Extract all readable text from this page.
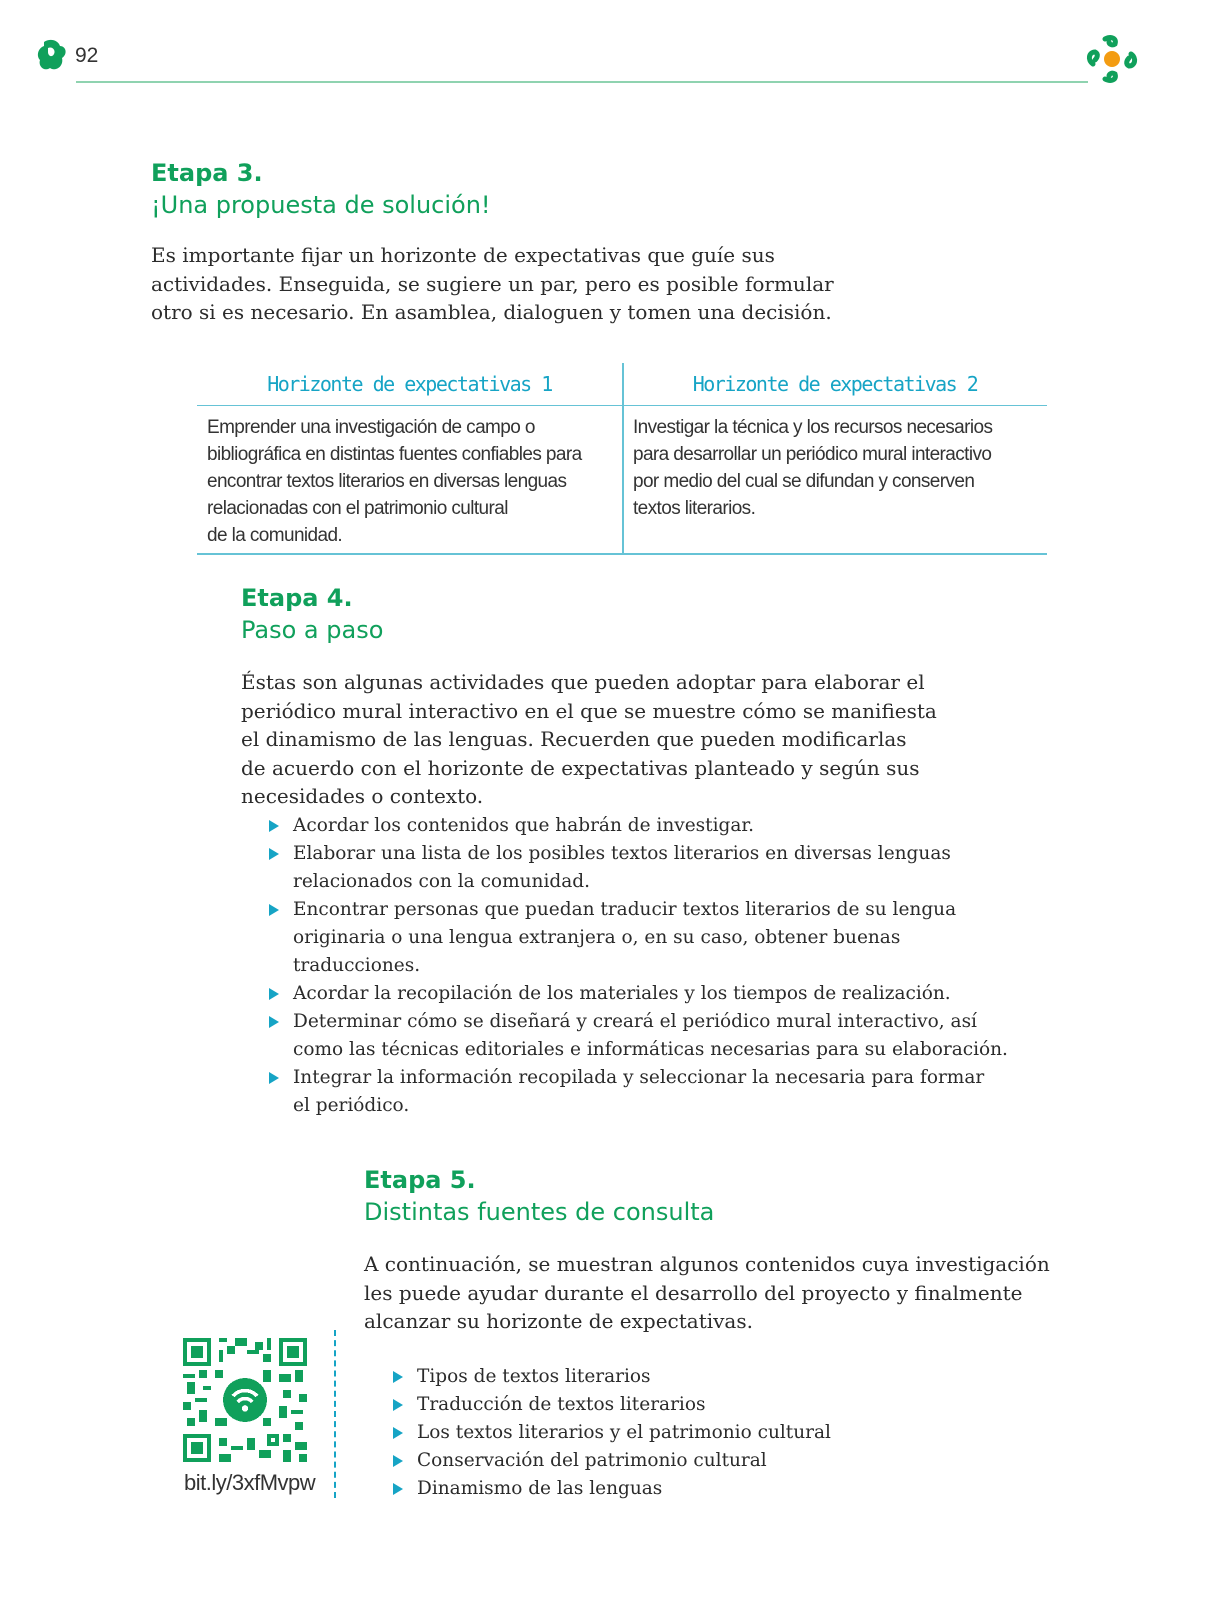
92

Etapa 3.

¡Una propuesta de solución!

Es importante fijar un horizonte de expectativas que guíe sus

actividades. Enseguida, se sugiere un par, pero es posible formular

otro si es necesario. En asamblea, dialoguen y tomen una decisión.

Horizonte de expectativas 1
Emprender una investigación de campo o
bibliográfica en distintas fuentes confiables para
encontrar textos literarios en diversas lenguas
relacionadas con el patrimonio cultural
de la comunidad.
Horizonte de expectativas 2
Investigar la técnica y los recursos necesarios
para desarrollar un periódico mural interactivo
por medio del cual se difundan y conserven
textos literarios.

Etapa 4.

Paso a paso

Éstas son algunas actividades que pueden adoptar para elaborar el

periódico mural interactivo en el que se muestre cómo se manifiesta

el dinamismo de las lenguas. Recuerden que pueden modificarlas

de acuerdo con el horizonte de expectativas planteado y según sus

necesidades o contexto.

Acordar los contenidos que habrán de investigar.
Elaborar una lista de los posibles textos literarios en diversas lenguas
relacionados con la comunidad.
Encontrar personas que puedan traducir textos literarios de su lengua
originaria o una lengua extranjera o, en su caso, obtener buenas
traducciones.
Acordar la recopilación de los materiales y los tiempos de realización.
Determinar cómo se diseñará y creará el periódico mural interactivo, así
como las técnicas editoriales e informáticas necesarias para su elaboración.
Integrar la información recopilada y seleccionar la necesaria para formar
el periódico.

Etapa 5.

Distintas fuentes de consulta

A continuación, se muestran algunos contenidos cuya investigación

les puede ayudar durante el desarrollo del proyecto y finalmente

alcanzar su horizonte de expectativas.

Tipos de textos literarios
Traducción de textos literarios
Los textos literarios y el patrimonio cultural
Conservación del patrimonio cultural
Dinamismo de las lenguas
bit.ly/3xfMvpw
